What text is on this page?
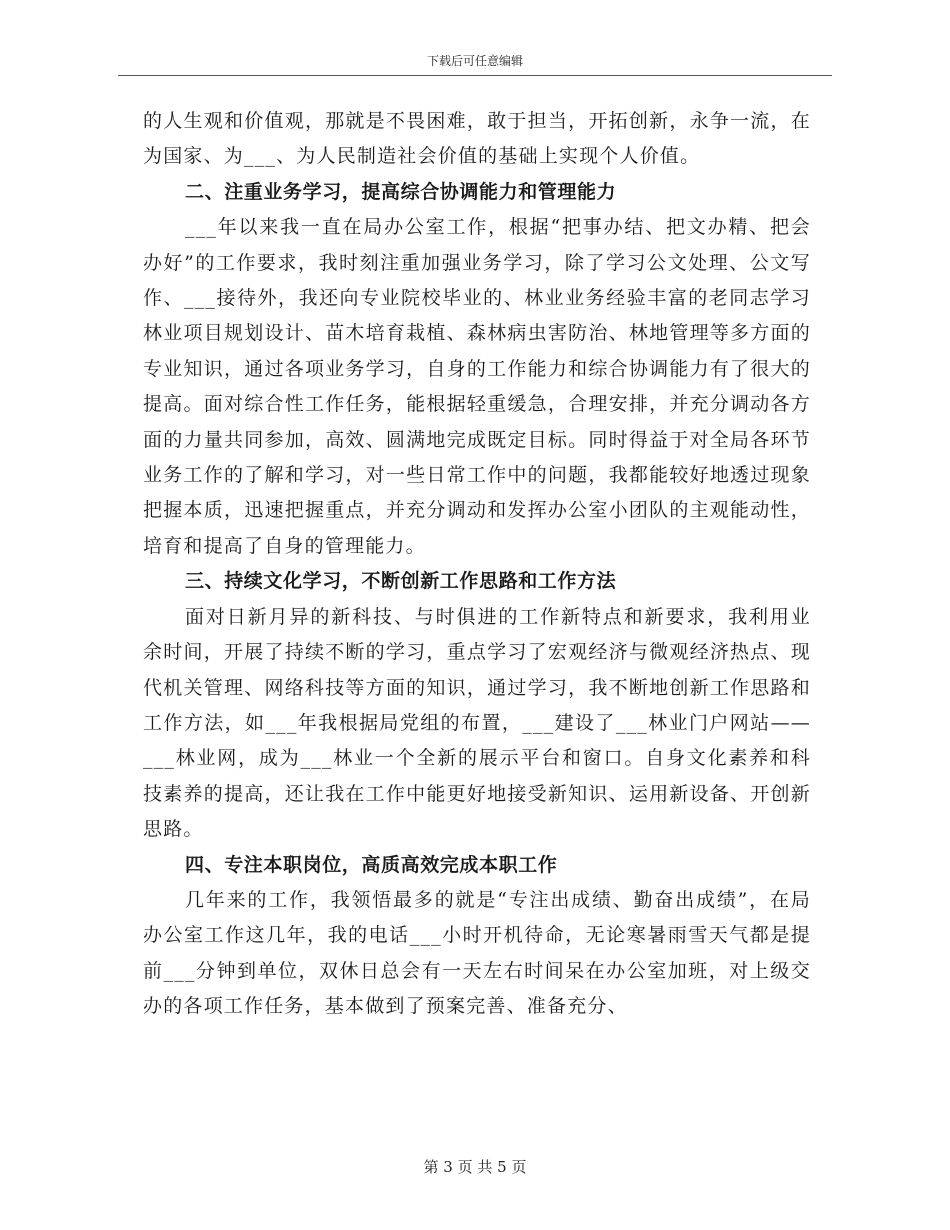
下载后可任意编辑

的人生观和价值观，那就是不畏困难，敢于担当，开拓创新，永争一流，在为国家、为___、为人民制造社会价值的基础上实现个人价值。

二、注重业务学习，提高综合协调能力和管理能力

___年以来我一直在局办公室工作，根据“把事办结、把文办精、把会办好”的工作要求，我时刻注重加强业务学习，除了学习公文处理、公文写作、___接待外，我还向专业院校毕业的、林业业务经验丰富的老同志学习林业项目规划设计、苗木培育栽植、森林病虫害防治、林地管理等多方面的专业知识，通过各项业务学习，自身的工作能力和综合协调能力有了很大的提高。面对综合性工作任务，能根据轻重缓急，合理安排，并充分调动各方面的力量共同参加，高效、圆满地完成既定目标。同时得益于对全局各环节业务工作的了解和学习，对一些日常工作中的问题，我都能较好地透过现象把握本质，迅速把握重点，并充分调动和发挥办公室小团队的主观能动性，培育和提高了自身的管理能力。

三、持续文化学习，不断创新工作思路和工作方法

面对日新月异的新科技、与时俱进的工作新特点和新要求，我利用业余时间，开展了持续不断的学习，重点学习了宏观经济与微观经济热点、现代机关管理、网络科技等方面的知识，通过学习，我不断地创新工作思路和工作方法，如___年我根据局党组的布置，___建设了___林业门户网站——___林业网，成为___林业一个全新的展示平台和窗口。自身文化素养和科技素养的提高，还让我在工作中能更好地接受新知识、运用新设备、开创新思路。

四、专注本职岗位，高质高效完成本职工作

几年来的工作，我领悟最多的就是“专注出成绩、勤奋出成绩”，在局办公室工作这几年，我的电话___小时开机待命，无论寒暑雨雪天气都是提前___分钟到单位，双休日总会有一天左右时间呆在办公室加班，对上级交办的各项工作任务，基本做到了预案完善、准备充分、

第 3 页 共 5 页
